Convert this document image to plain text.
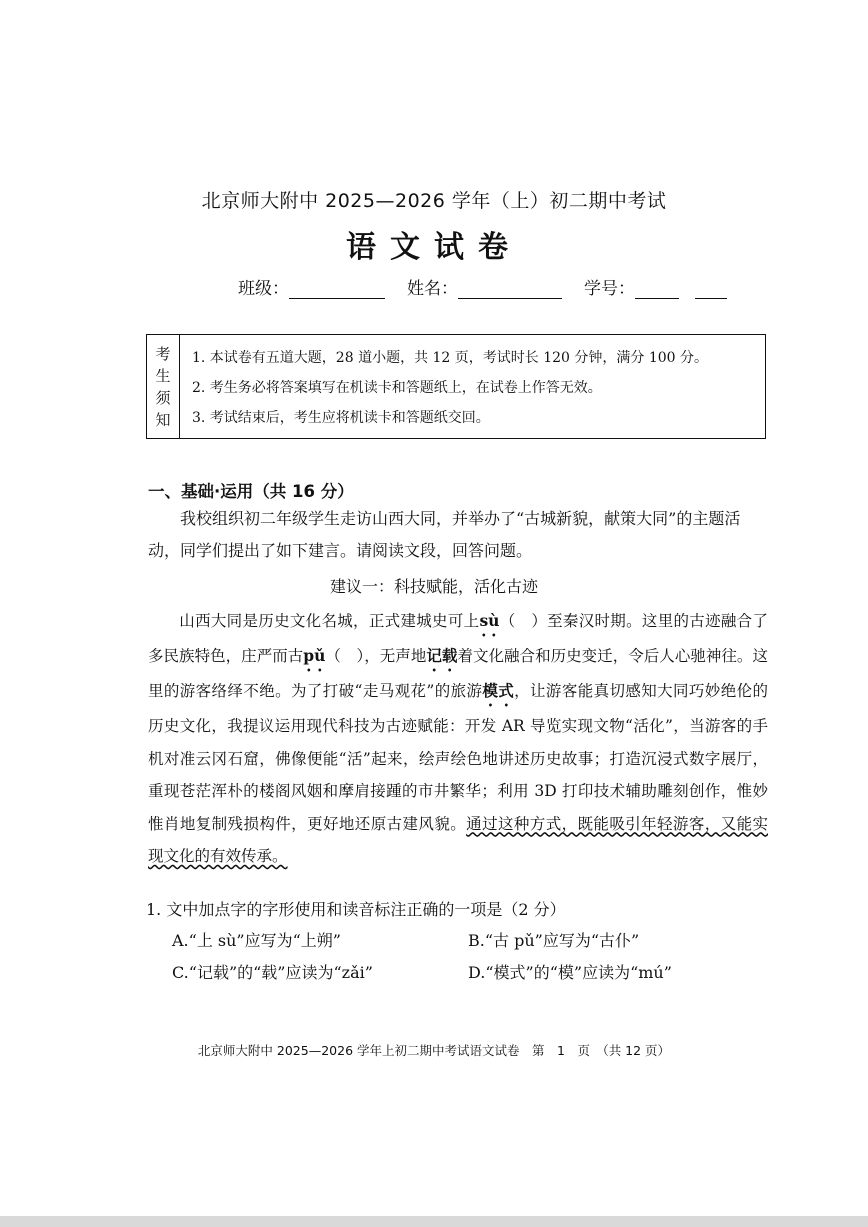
北京师大附中 2025—2026 学年（上）初二期中考试
语文试卷
班级：	姓名：	学号：
考
生
须
知
1. 本试卷有五道大题，28 道小题，共 12 页，考试时长 120 分钟，满分 100 分。
2. 考生务必将答案填写在机读卡和答题纸上，在试卷上作答无效。
3. 考试结束后，考生应将机读卡和答题纸交回。
一、基础·运用（共 16 分）
我校组织初二年级学生走访山西大同，并举办了“古城新貌，献策大同”的主题活动，同学们提出了如下建言。请阅读文段，回答问题。
建议一：科技赋能，活化古迹
山西大同是历史文化名城，正式建城史可上sù（　）至秦汉时期。这里的古迹融合了多民族特色，庄严而古pǔ（　），无声地记载着文化融合和历史变迁，令后人心驰神往。这里的游客络绎不绝。为了打破“走马观花”的旅游模式，让游客能真切感知大同巧妙绝伦的历史文化，我提议运用现代科技为古迹赋能：开发 AR 导览实现文物“活化”，当游客的手机对准云冈石窟，佛像便能“活”起来，绘声绘色地讲述历史故事；打造沉浸式数字展厅，重现苍茫浑朴的楼阁风姻和摩肩接踵的市井繁华；利用 3D 打印技术辅助雕刻创作，惟妙惟肖地复制残损构件，更好地还原古建风貌。通过这种方式，既能吸引年轻游客，又能实现文化的有效传承。
1. 文中加点字的字形使用和读音标注正确的一项是（2 分）
A.“上 sù”应写为“上朔”	B.“古 pǔ”应写为“古仆”
C.“记载”的“载”应读为“zǎi”	D.“模式”的“模”应读为“mú”
北京师大附中 2025—2026 学年上初二期中考试语文试卷　第　1　页　（共 12 页）
